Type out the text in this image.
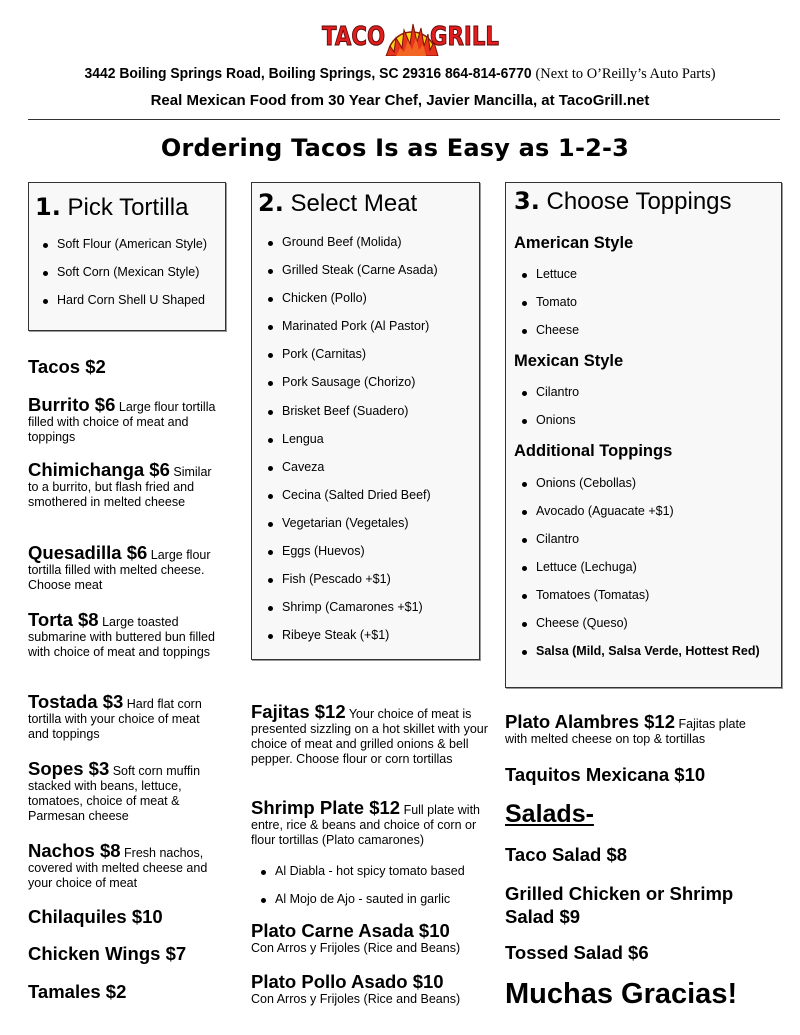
TACO GRILL
3442 Boiling Springs Road, Boiling Springs, SC 29316 864-814-6770 (Next to O’Reilly’s Auto Parts)
Real Mexican Food from 30 Year Chef, Javier Mancilla, at TacoGrill.net
Ordering Tacos Is as Easy as 1-2-3
1. Pick Tortilla
Soft Flour (American Style)
Soft Corn (Mexican Style)
Hard Corn Shell U Shaped
2. Select Meat
Ground Beef (Molida)
Grilled Steak (Carne Asada)
Chicken (Pollo)
Marinated Pork (Al Pastor)
Pork (Carnitas)
Pork Sausage (Chorizo)
Brisket Beef (Suadero)
Lengua
Caveza
Cecina (Salted Dried Beef)
Vegetarian (Vegetales)
Eggs (Huevos)
Fish (Pescado +$1)
Shrimp (Camarones +$1)
Ribeye Steak (+$1)
3. Choose Toppings
American Style
Lettuce
Tomato
Cheese
Mexican Style
Cilantro
Onions
Additional Toppings
Onions (Cebollas)
Avocado (Aguacate +$1)
Cilantro
Lettuce (Lechuga)
Tomatoes (Tomatas)
Cheese (Queso)
Salsa (Mild, Salsa Verde, Hottest Red)
Tacos $2
Burrito $6 Large flour tortilla filled with choice of meat and toppings
Chimichanga $6 Similar to a burrito, but flash fried and smothered in melted cheese
Quesadilla $6 Large flour tortilla filled with melted cheese. Choose meat
Torta $8 Large toasted submarine with buttered bun filled with choice of meat and toppings
Tostada $3 Hard flat corn tortilla with your choice of meat and toppings
Sopes $3 Soft corn muffin stacked with beans, lettuce, tomatoes, choice of meat & Parmesan cheese
Nachos $8 Fresh nachos, covered with melted cheese and your choice of meat
Chilaquiles $10
Chicken Wings $7
Tamales $2
Fajitas $12 Your choice of meat is presented sizzling on a hot skillet with your choice of meat and grilled onions & bell pepper. Choose flour or corn tortillas
Shrimp Plate $12 Full plate with entre, rice & beans and choice of corn or flour tortillas (Plato camarones)
Al Diabla - hot spicy tomato based
Al Mojo de Ajo - sauted in garlic
Plato Carne Asada $10
Con Arros y Frijoles (Rice and Beans)
Plato Pollo Asado $10
Con Arros y Frijoles (Rice and Beans)
Plato Alambres $12 Fajitas plate with melted cheese on top & tortillas
Taquitos Mexicana $10
Salads-
Taco Salad $8
Grilled Chicken or Shrimp Salad $9
Tossed Salad $6
Muchas Gracias!
